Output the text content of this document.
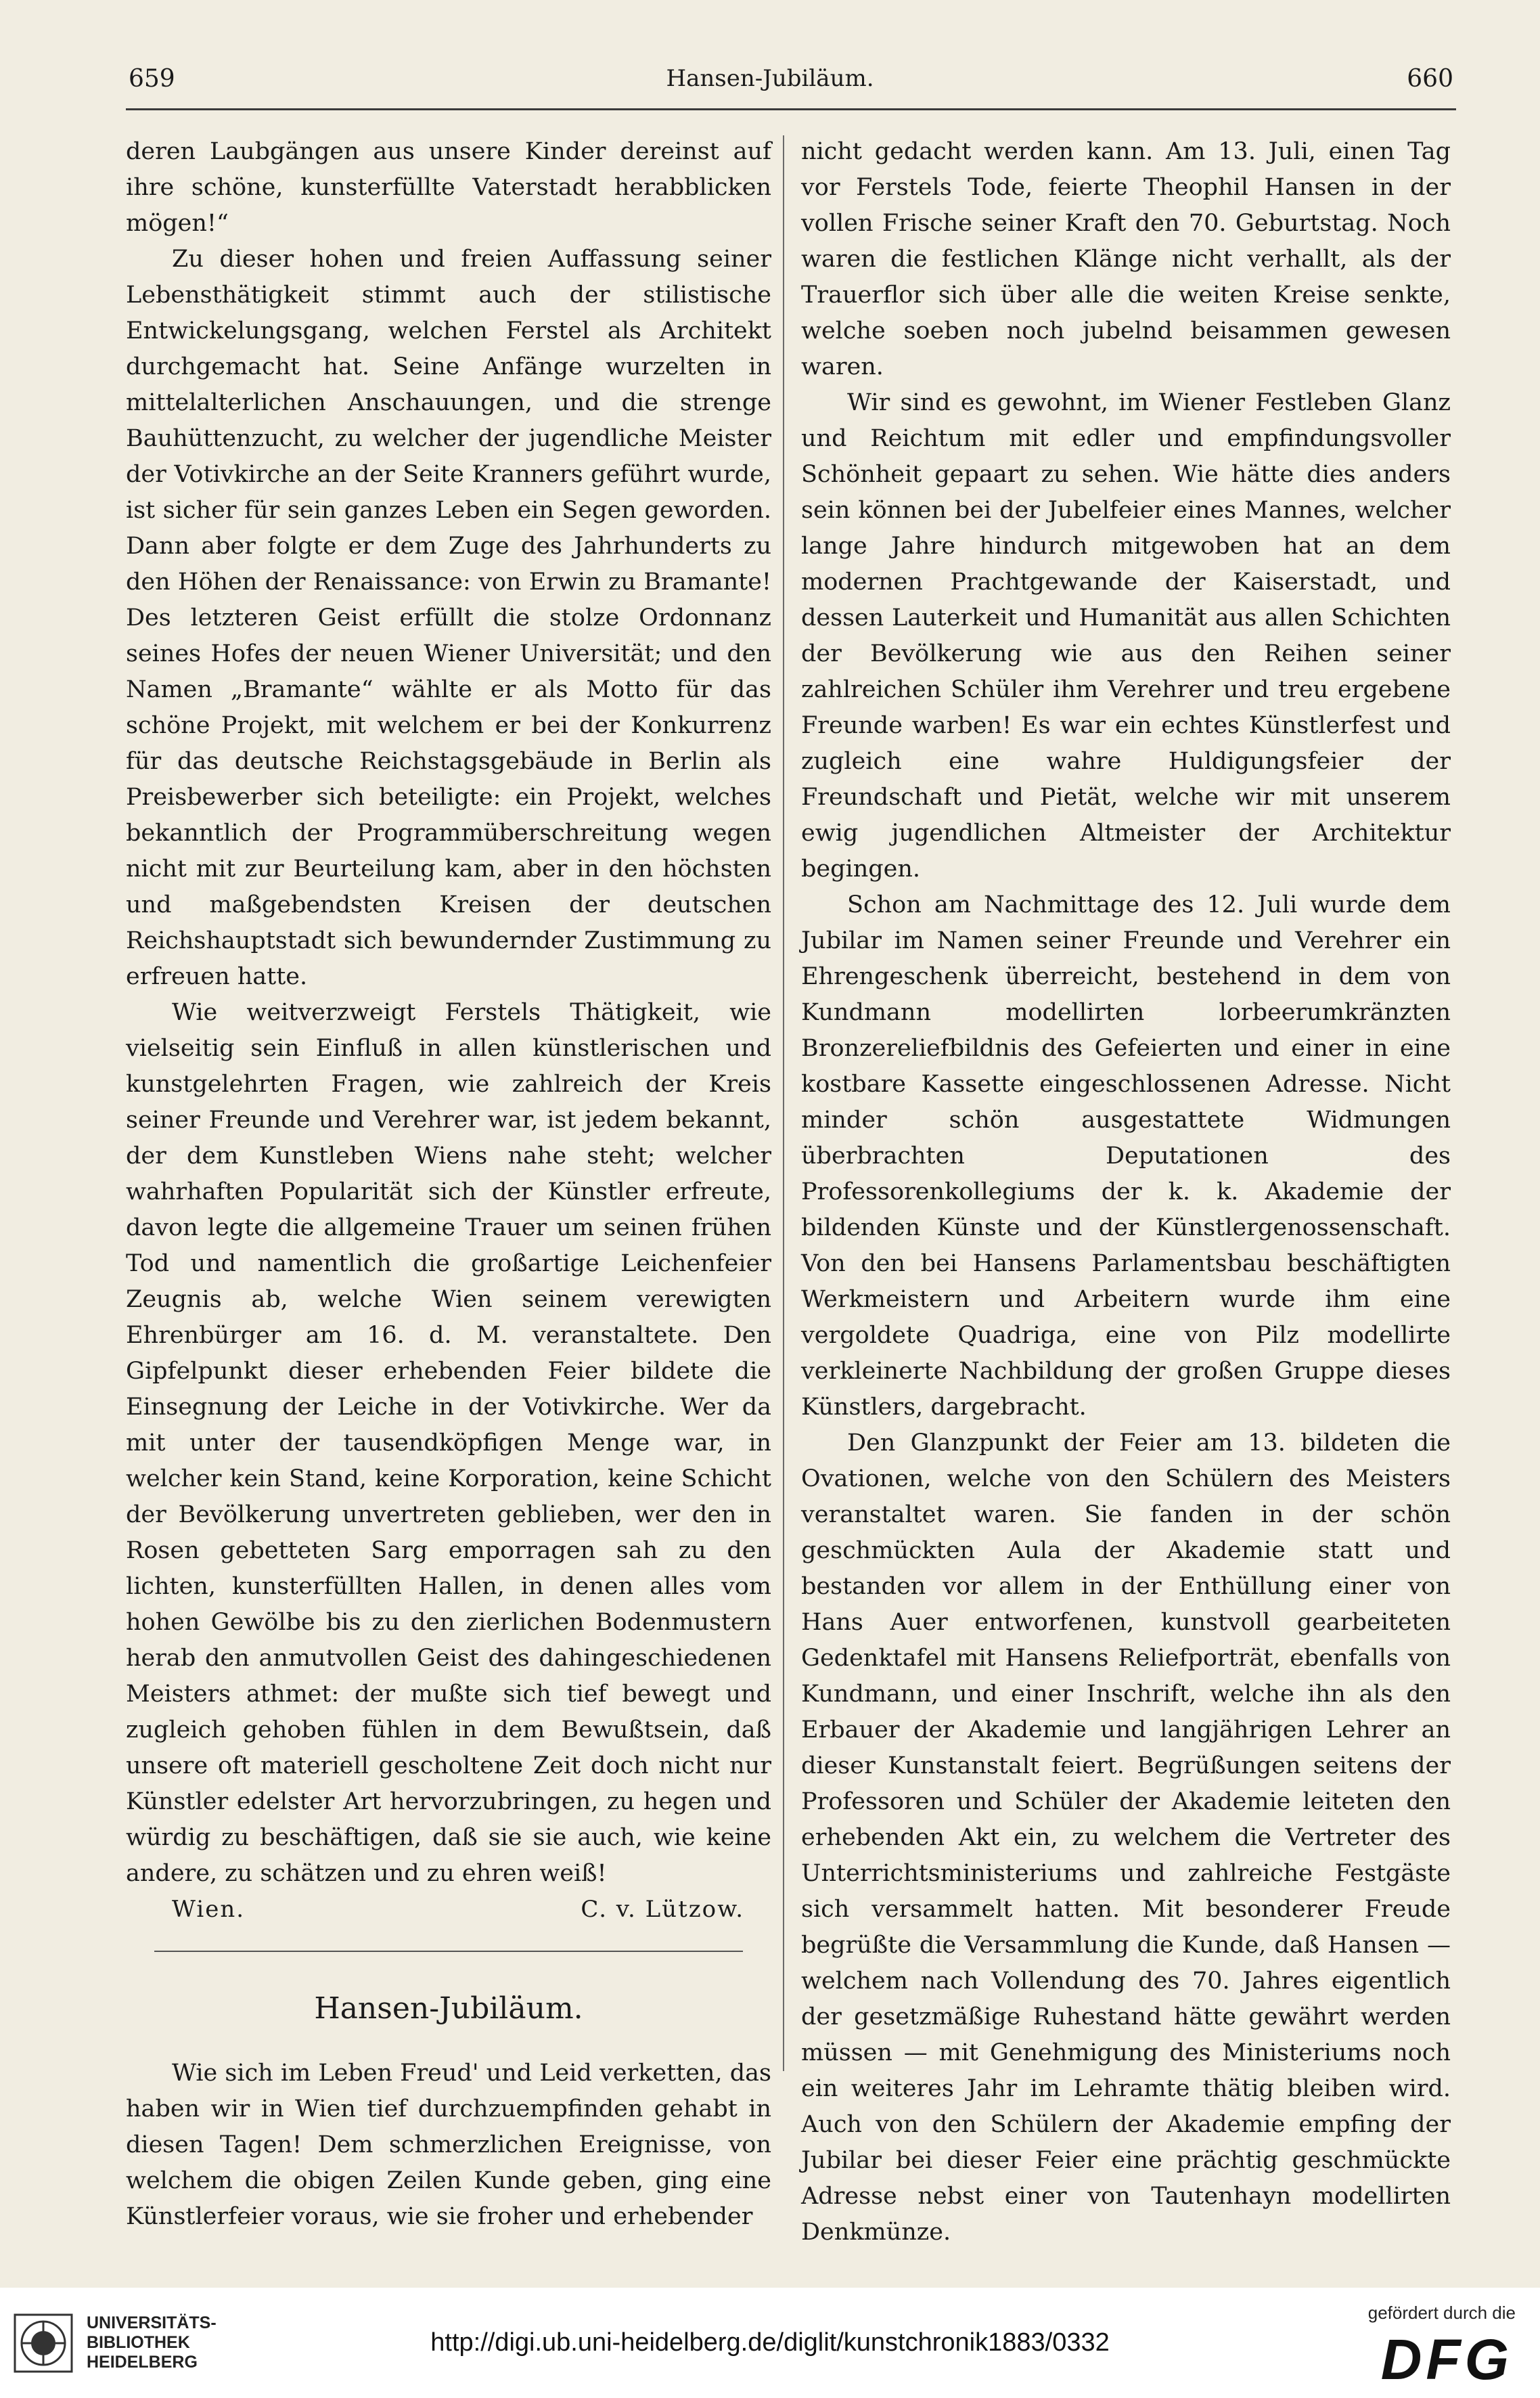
659	Hansen-Jubiläum.	660

deren Laubgängen aus unsere Kinder dereinst auf ihre schöne, kunsterfüllte Vaterstadt herabblicken mögen!“

Zu dieser hohen und freien Auffassung seiner Lebensthätigkeit stimmt auch der stilistische Entwickelungsgang, welchen Ferstel als Architekt durchgemacht hat. Seine Anfänge wurzelten in mittelalterlichen Anschauungen, und die strenge Bauhüttenzucht, zu welcher der jugendliche Meister der Votivkirche an der Seite Kranners geführt wurde, ist sicher für sein ganzes Leben ein Segen geworden. Dann aber folgte er dem Zuge des Jahrhunderts zu den Höhen der Renaissance: von Erwin zu Bramante! Des letzteren Geist erfüllt die stolze Ordonnanz seines Hofes der neuen Wiener Universität; und den Namen „Bramante“ wählte er als Motto für das schöne Projekt, mit welchem er bei der Konkurrenz für das deutsche Reichstagsgebäude in Berlin als Preisbewerber sich beteiligte: ein Projekt, welches bekanntlich der Programmüberschreitung wegen nicht mit zur Beurteilung kam, aber in den höchsten und maßgebendsten Kreisen der deutschen Reichshauptstadt sich bewundernder Zustimmung zu erfreuen hatte.

Wie weitverzweigt Ferstels Thätigkeit, wie vielseitig sein Einfluß in allen künstlerischen und kunstgelehrten Fragen, wie zahlreich der Kreis seiner Freunde und Verehrer war, ist jedem bekannt, der dem Kunstleben Wiens nahe steht; welcher wahrhaften Popularität sich der Künstler erfreute, davon legte die allgemeine Trauer um seinen frühen Tod und namentlich die großartige Leichenfeier Zeugnis ab, welche Wien seinem verewigten Ehrenbürger am 16. d. M. veranstaltete. Den Gipfelpunkt dieser erhebenden Feier bildete die Einsegnung der Leiche in der Votivkirche. Wer da mit unter der tausendköpfigen Menge war, in welcher kein Stand, keine Korporation, keine Schicht der Bevölkerung unvertreten geblieben, wer den in Rosen gebetteten Sarg emporragen sah zu den lichten, kunsterfüllten Hallen, in denen alles vom hohen Gewölbe bis zu den zierlichen Bodenmustern herab den anmutvollen Geist des dahingeschiedenen Meisters athmet: der mußte sich tief bewegt und zugleich gehoben fühlen in dem Bewußtsein, daß unsere oft materiell gescholtene Zeit doch nicht nur Künstler edelster Art hervorzubringen, zu hegen und würdig zu beschäftigen, daß sie sie auch, wie keine andere, zu schätzen und zu ehren weiß!

Wien.	C. v. Lützow.
Hansen-Jubiläum.

Wie sich im Leben Freud' und Leid verketten, das haben wir in Wien tief durchzuempfinden gehabt in diesen Tagen! Dem schmerzlichen Ereignisse, von welchem die obigen Zeilen Kunde geben, ging eine Künstlerfeier voraus, wie sie froher und erhebender

nicht gedacht werden kann. Am 13. Juli, einen Tag vor Ferstels Tode, feierte Theophil Hansen in der vollen Frische seiner Kraft den 70. Geburtstag. Noch waren die festlichen Klänge nicht verhallt, als der Trauerflor sich über alle die weiten Kreise senkte, welche soeben noch jubelnd beisammen gewesen waren.

Wir sind es gewohnt, im Wiener Festleben Glanz und Reichtum mit edler und empfindungsvoller Schönheit gepaart zu sehen. Wie hätte dies anders sein können bei der Jubelfeier eines Mannes, welcher lange Jahre hindurch mitgewoben hat an dem modernen Prachtgewande der Kaiserstadt, und dessen Lauterkeit und Humanität aus allen Schichten der Bevölkerung wie aus den Reihen seiner zahlreichen Schüler ihm Verehrer und treu ergebene Freunde warben! Es war ein echtes Künstlerfest und zugleich eine wahre Huldigungsfeier der Freundschaft und Pietät, welche wir mit unserem ewig jugendlichen Altmeister der Architektur begingen.

Schon am Nachmittage des 12. Juli wurde dem Jubilar im Namen seiner Freunde und Verehrer ein Ehrengeschenk überreicht, bestehend in dem von Kundmann modellirten lorbeerumkränzten Bronzereliefbildnis des Gefeierten und einer in eine kostbare Kassette eingeschlossenen Adresse. Nicht minder schön ausgestattete Widmungen überbrachten Deputationen des Professorenkollegiums der k. k. Akademie der bildenden Künste und der Künstlergenossenschaft. Von den bei Hansens Parlamentsbau beschäftigten Werkmeistern und Arbeitern wurde ihm eine vergoldete Quadriga, eine von Pilz modellirte verkleinerte Nachbildung der großen Gruppe dieses Künstlers, dargebracht.

Den Glanzpunkt der Feier am 13. bildeten die Ovationen, welche von den Schülern des Meisters veranstaltet waren. Sie fanden in der schön geschmückten Aula der Akademie statt und bestanden vor allem in der Enthüllung einer von Hans Auer entworfenen, kunstvoll gearbeiteten Gedenktafel mit Hansens Reliefporträt, ebenfalls von Kundmann, und einer Inschrift, welche ihn als den Erbauer der Akademie und langjährigen Lehrer an dieser Kunstanstalt feiert. Begrüßungen seitens der Professoren und Schüler der Akademie leiteten den erhebenden Akt ein, zu welchem die Vertreter des Unterrichtsministeriums und zahlreiche Festgäste sich versammelt hatten. Mit besonderer Freude begrüßte die Versammlung die Kunde, daß Hansen — welchem nach Vollendung des 70. Jahres eigentlich der gesetzmäßige Ruhestand hätte gewährt werden müssen — mit Genehmigung des Ministeriums noch ein weiteres Jahr im Lehramte thätig bleiben wird. Auch von den Schülern der Akademie empfing der Jubilar bei dieser Feier eine prächtig geschmückte Adresse nebst einer von Tautenhayn modellirten Denkmünze.

UNIVERSITÄTS-
BIBLIOTHEK
HEIDELBERG
http://digi.ub.uni-heidelberg.de/diglit/kunstchronik1883/0332
gefördert durch die
DFG
